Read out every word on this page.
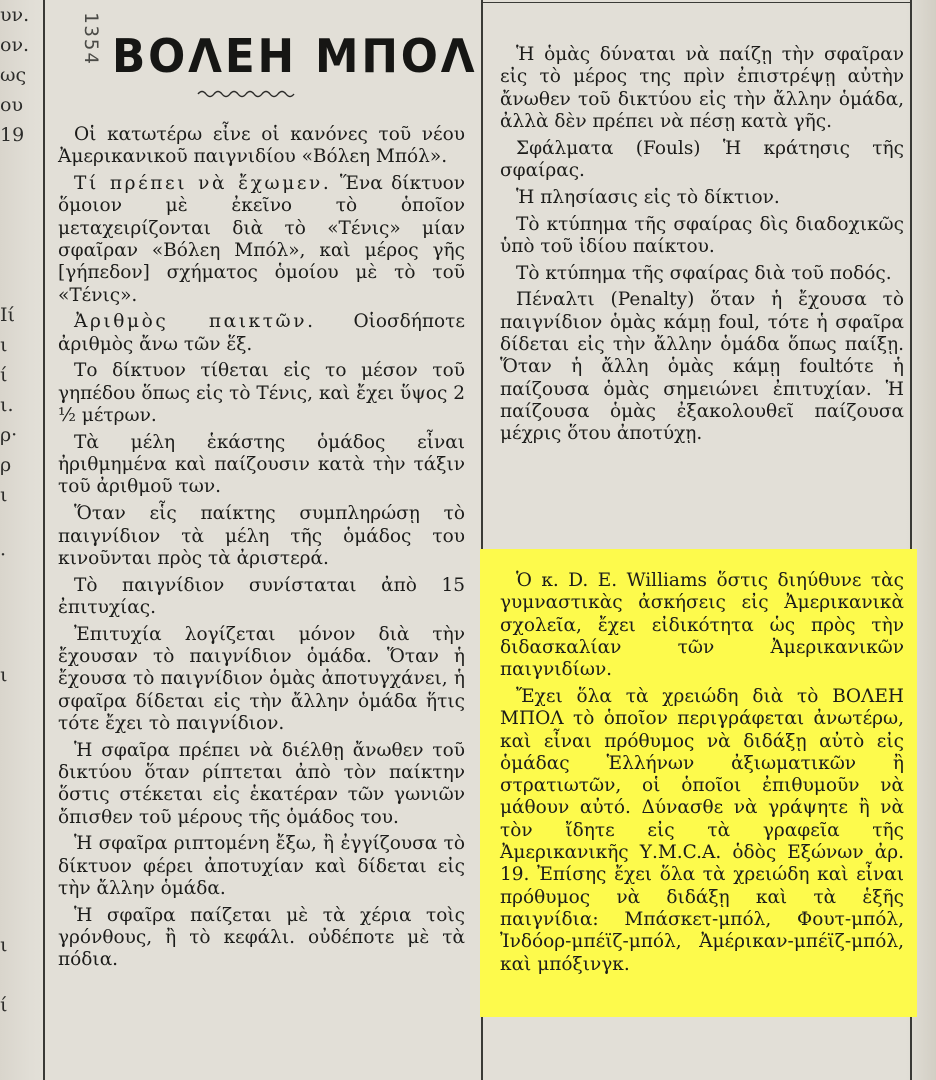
υν.
ον.
ως
ου
19
Ιί
ι
ί
ι.
ρ·
ρ
ι
·
ι
ι
ί
1354 ΒΟΛΕΗ ΜΠΟΛ

Οἱ κατωτέρω εἶνε οἱ κανόνες τοῦ νέου Ἀμερικανικοῦ παιγνιδίου «Βόλεη Μπόλ».

Τί πρέπει νὰ ἔχωμεν. Ἕνα δίκτυον ὅμοιον μὲ ἐκεῖνο τὸ ὁποῖον μεταχειρίζονται διὰ τὸ «Τένις» μίαν σφαῖραν «Βόλεη Μπόλ», καὶ μέρος γῆς [γήπεδον] σχήματος ὁμοίου μὲ τὸ τοῦ «Τένις».

Ἀριθμὸς παικτῶν. Οἱοσδήποτε ἀριθμὸς ἄνω τῶν ἕξ.

Το δίκτυον τίθεται εἰς το μέσον τοῦ γηπέδου ὅπως εἰς τὸ Τένις, καὶ ἔχει ὕψος 2 ½ μέτρων.

Τὰ μέλη ἑκάστης ὁμάδος εἶναι ἠριθμημένα καὶ παίζουσιν κατὰ τὴν τάξιν τοῦ ἀριθμοῦ των.

Ὅταν εἷς παίκτης συμπληρώσῃ τὸ παιγνίδιον τὰ μέλη τῆς ὁμάδος του κινοῦνται πρὸς τὰ ἀριστερά.

Τὸ παιγνίδιον συνίσταται ἀπὸ 15 ἐπιτυχίας.

Ἐπιτυχία λογίζεται μόνον διὰ τὴν ἔχουσαν τὸ παιγνίδιον ὁμάδα. Ὅταν ἡ ἔχουσα τὸ παιγνίδιον ὁμὰς ἀποτυγχάνει, ἡ σφαῖρα δίδεται εἰς τὴν ἄλλην ὁμάδα ἥτις τότε ἔχει τὸ παιγνίδιον.

Ἡ σφαῖρα πρέπει νὰ διέλθῃ ἄνωθεν τοῦ δικτύου ὅταν ρίπτεται ἀπὸ τὸν παίκτην ὅστις στέκεται εἰς ἑκατέραν τῶν γωνιῶν ὄπισθεν τοῦ μέρους τῆς ὁμάδος του.

Ἡ σφαῖρα ριπτομένη ἔξω, ἢ ἐγγίζουσα τὸ δίκτυον φέρει ἀποτυχίαν καὶ δίδεται εἰς τὴν ἄλλην ὁμάδα.

Ἡ σφαῖρα παίζεται μὲ τὰ χέρια τοὶς γρόνθους, ἢ τὸ κεφάλι. οὐδέποτε μὲ τὰ πόδια.

Ἡ ὁμὰς δύναται νὰ παίζῃ τὴν σφαῖραν εἰς τὸ μέρος της πρὶν ἐπιστρέψῃ αὐτὴν ἄνωθεν τοῦ δικτύου εἰς τὴν ἄλλην ὁμάδα, ἀλλὰ δὲν πρέπει νὰ πέσῃ κατὰ γῆς.

Σφάλματα (Fouls) Ἡ κράτησις τῆς σφαίρας.

Ἡ πλησίασις εἰς τὸ δίκτιον.

Τὸ κτύπημα τῆς σφαίρας δὶς διαδοχικῶς ὑπὸ τοῦ ἰδίου παίκτου.

Τὸ κτύπημα τῆς σφαίρας διὰ τοῦ ποδός.

Πέναλτι (Penalty) ὅταν ἡ ἔχουσα τὸ παιγνίδιον ὁμὰς κάμῃ foul, τότε ἡ σφαῖρα δίδεται εἰς τὴν ἄλλην ὁμάδα ὅπως παίξῃ. Ὅταν ἡ ἄλλη ὁμὰς κάμῃ foultότε ἡ παίζουσα ὁμὰς σημειώνει ἐπιτυχίαν. Ἡ παίζουσα ὁμὰς ἐξακολουθεῖ παίζουσα μέχρις ὅτου ἀποτύχῃ.

Ὁ κ. D. E. Williams ὅστις διηύθυνε τὰς γυμναστικὰς ἀσκήσεις εἰς Ἀμερικανικὰ σχολεῖα, ἔχει εἰδικότητα ὡς πρὸς τὴν διδασκαλίαν τῶν Ἀμερικανικῶν παιγνιδίων.

Ἔχει ὅλα τὰ χρειώδη διὰ τὸ ΒΟΛΕΗ ΜΠΟΛ τὸ ὁποῖον περιγράφεται ἀνωτέρω, καὶ εἶναι πρόθυμος νὰ διδάξῃ αὐτὸ εἰς ὁμάδας Ἑλλήνων ἀξιωματικῶν ἢ στρατιωτῶν, οἱ ὁποῖοι ἐπιθυμοῦν νὰ μάθουν αὐτό. Δύνασθε νὰ γράψητε ἢ νὰ τὸν ἴδητε εἰς τὰ γραφεῖα τῆς Ἀμερικανικῆς Υ.Μ.C.A. ὁδὸς Εξώνων ἀρ. 19. Ἐπίσης ἔχει ὅλα τὰ χρειώδη καὶ εἶναι πρόθυμος νὰ διδάξῃ καὶ τὰ ἑξῆς παιγνίδια: Μπάσκετ-μπόλ, Φουτ-μπόλ, Ἰνδόορ-μπέϊζ-μπόλ, Ἀμέρικαν-μπέϊζ-μπόλ, καὶ μπόξινγκ.
